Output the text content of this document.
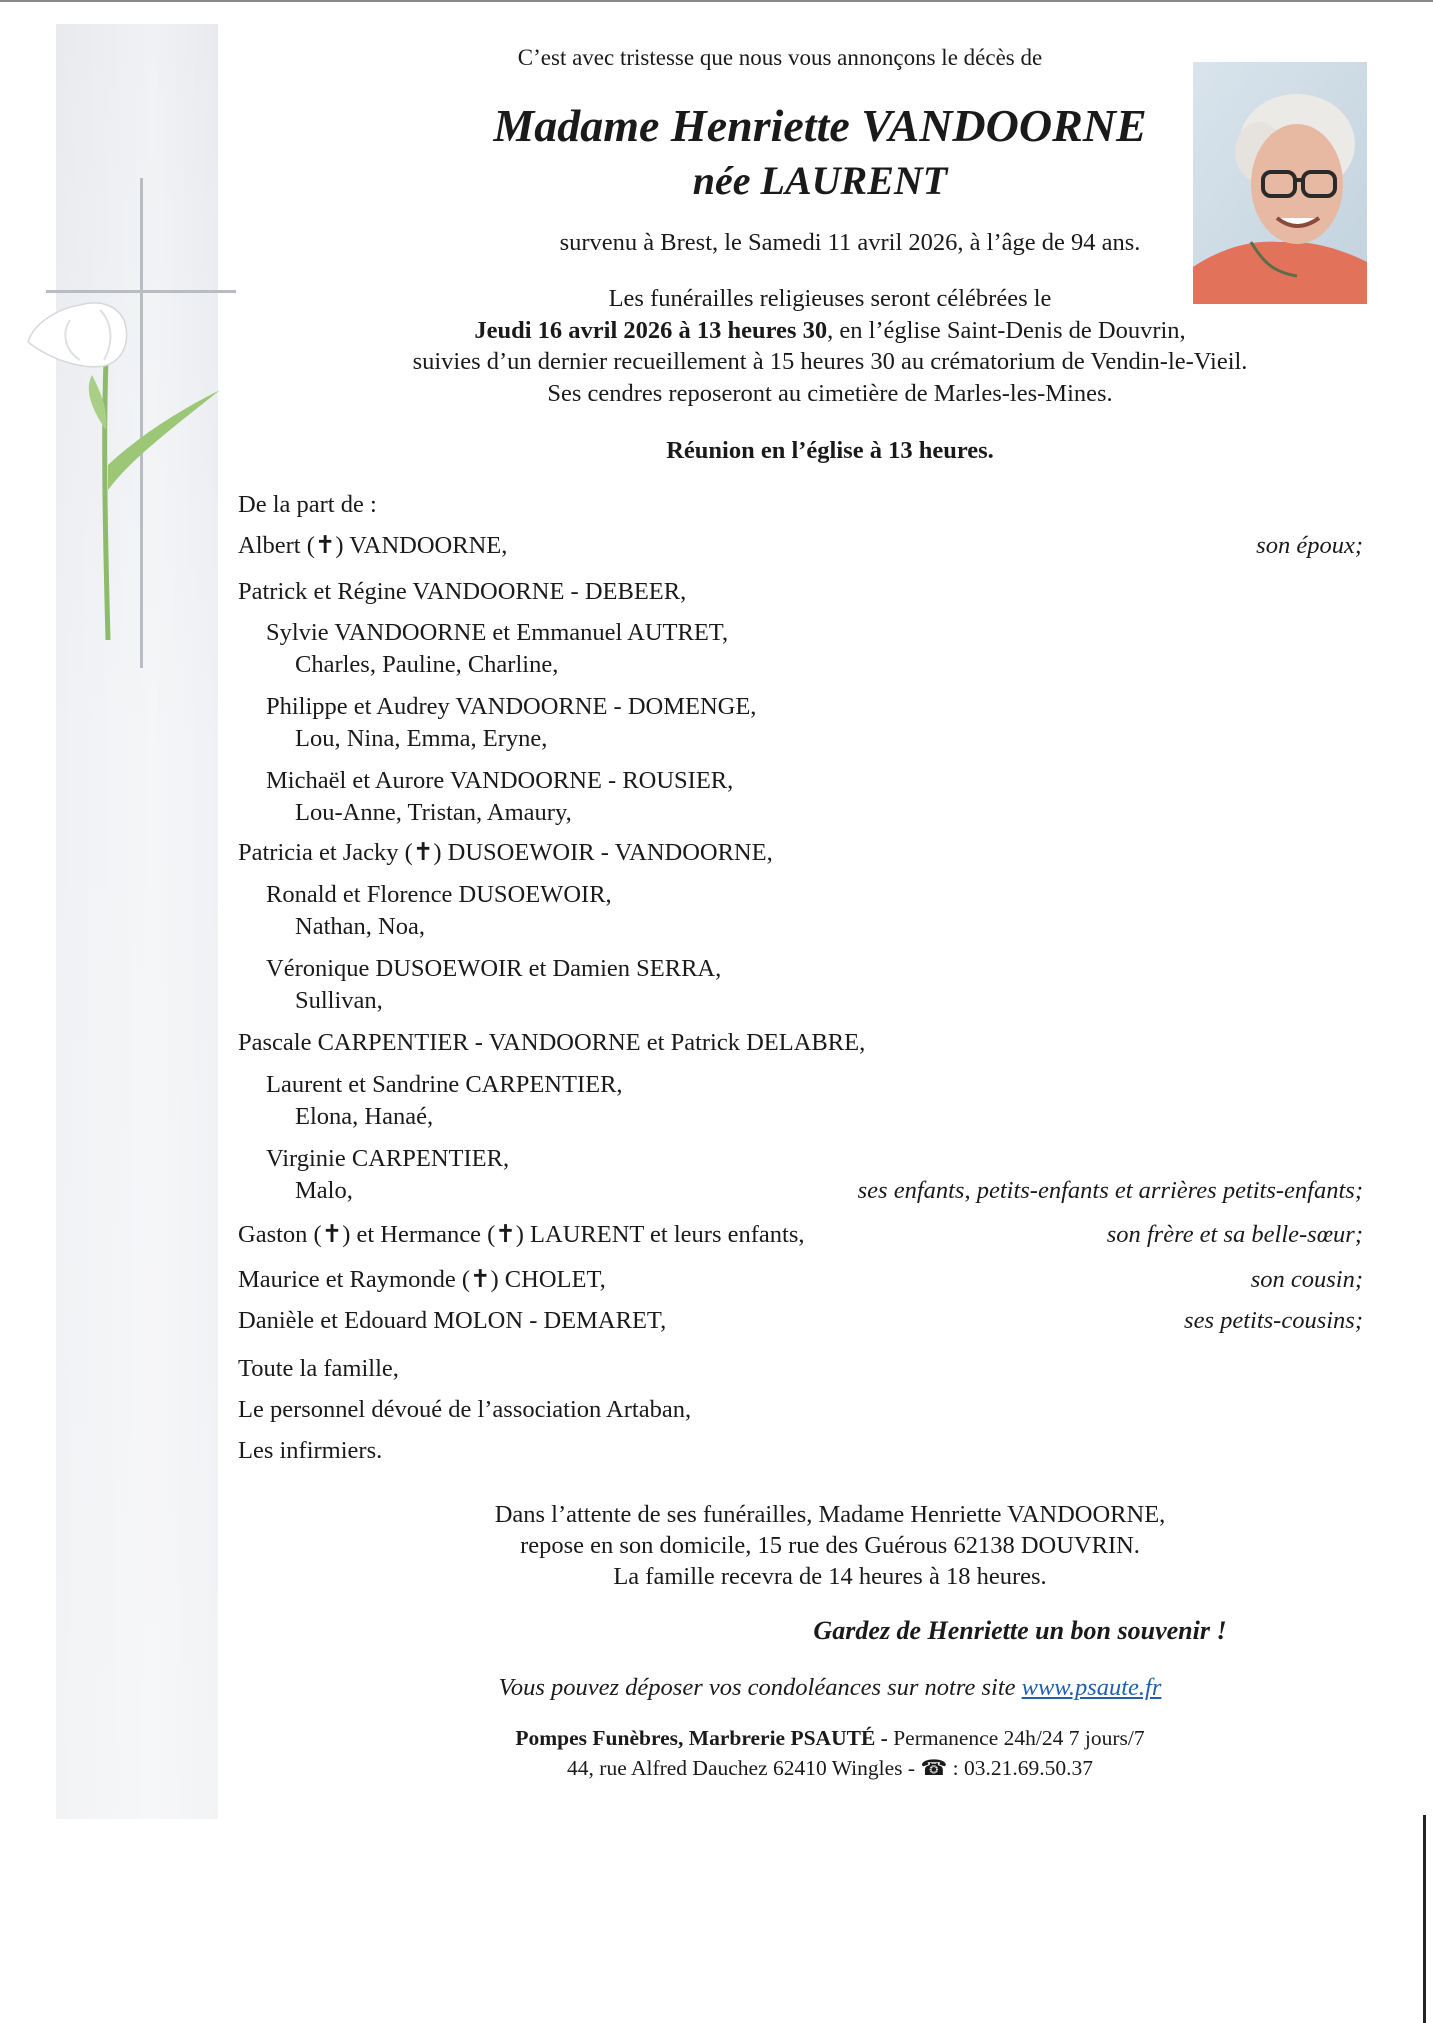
C’est avec tristesse que nous vous annonçons le décès de
Madame Henriette VANDOORNE
née LAURENT
survenu à Brest, le Samedi 11 avril 2026, à l’âge de 94 ans.
Les funérailles religieuses seront célébrées le
Jeudi 16 avril 2026 à 13 heures 30, en l’église Saint-Denis de Douvrin,
suivies d’un dernier recueillement à 15 heures 30 au crématorium de Vendin-le-Vieil.
Ses cendres reposeront au cimetière de Marles-les-Mines.
Réunion en l’église à 13 heures.
De la part de :
Albert (✝) VANDOORNE,	son époux;
Patrick et Régine VANDOORNE - DEBEER,
Sylvie VANDOORNE et Emmanuel AUTRET,
Charles, Pauline, Charline,
Philippe et Audrey VANDOORNE - DOMENGE,
Lou, Nina, Emma, Eryne,
Michaël et Aurore VANDOORNE - ROUSIER,
Lou-Anne, Tristan, Amaury,
Patricia et Jacky (✝) DUSOEWOIR - VANDOORNE,
Ronald et Florence DUSOEWOIR,
Nathan, Noa,
Véronique DUSOEWOIR et Damien SERRA,
Sullivan,
Pascale CARPENTIER - VANDOORNE et Patrick DELABRE,
Laurent et Sandrine CARPENTIER,
Elona, Hanaé,
Virginie CARPENTIER,
Malo,	ses enfants, petits-enfants et arrières petits-enfants;
Gaston (✝) et Hermance (✝) LAURENT et leurs enfants,	son frère et sa belle-sœur;
Maurice et Raymonde (✝) CHOLET,	son cousin;
Danièle et Edouard MOLON - DEMARET,	ses petits-cousins;
Toute la famille,
Le personnel dévoué de l’association Artaban,
Les infirmiers.
Dans l’attente de ses funérailles, Madame Henriette VANDOORNE,
repose en son domicile, 15 rue des Guérous 62138 DOUVRIN.
La famille recevra de 14 heures à 18 heures.
Gardez de Henriette un bon souvenir !
Vous pouvez déposer vos condoléances sur notre site www.psaute.fr
Pompes Funèbres, Marbrerie PSAUTÉ - Permanence 24h/24 7 jours/7
44, rue Alfred Dauchez 62410 Wingles - ☎ : 03.21.69.50.37
